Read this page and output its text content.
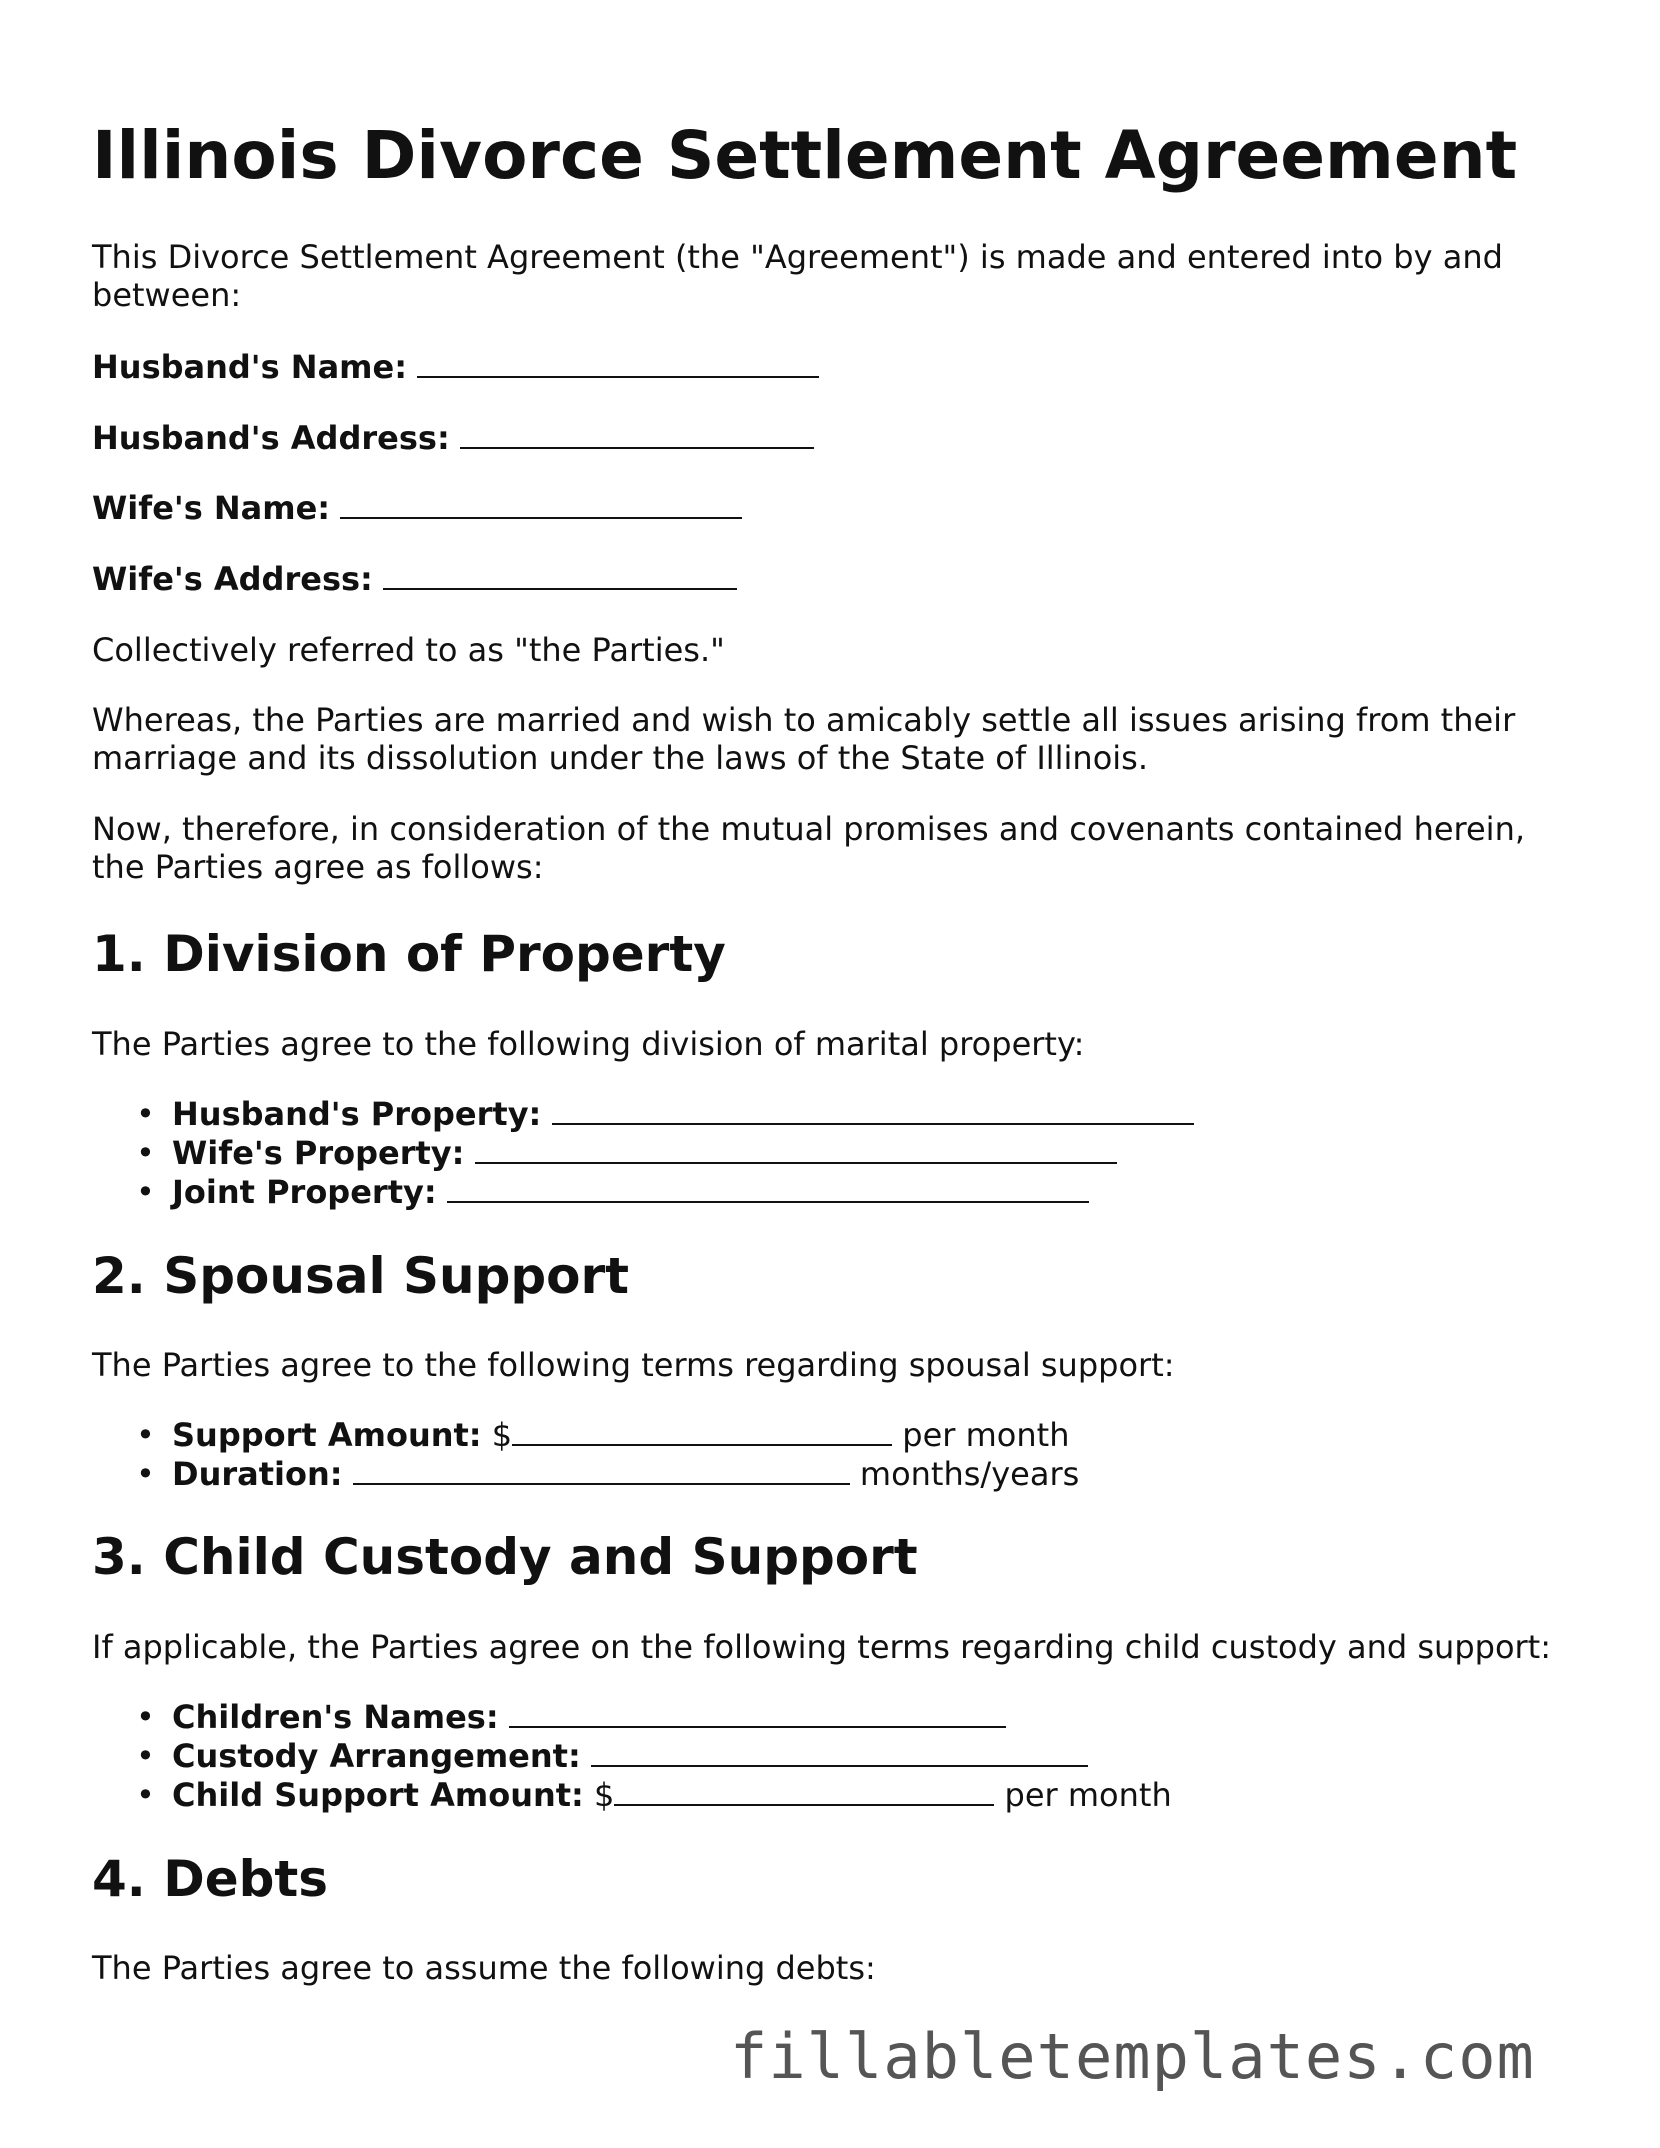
Illinois Divorce Settlement Agreement

This Divorce Settlement Agreement (the "Agreement") is made and entered into by and between:

Husband's Name:

Husband's Address:

Wife's Name:

Wife's Address:

Collectively referred to as "the Parties."

Whereas, the Parties are married and wish to amicably settle all issues arising from their marriage and its dissolution under the laws of the State of Illinois.

Now, therefore, in consideration of the mutual promises and covenants contained herein, the Parties agree as follows:

1. Division of Property

The Parties agree to the following division of marital property:

• Husband's Property:
• Wife's Property:
• Joint Property:
2. Spousal Support

The Parties agree to the following terms regarding spousal support:

• Support Amount: $	per month
• Duration:	months/years
3. Child Custody and Support

If applicable, the Parties agree on the following terms regarding child custody and support:

• Children's Names:
• Custody Arrangement:
• Child Support Amount: $	per month
4. Debts

The Parties agree to assume the following debts:

fillabletemplates.com
